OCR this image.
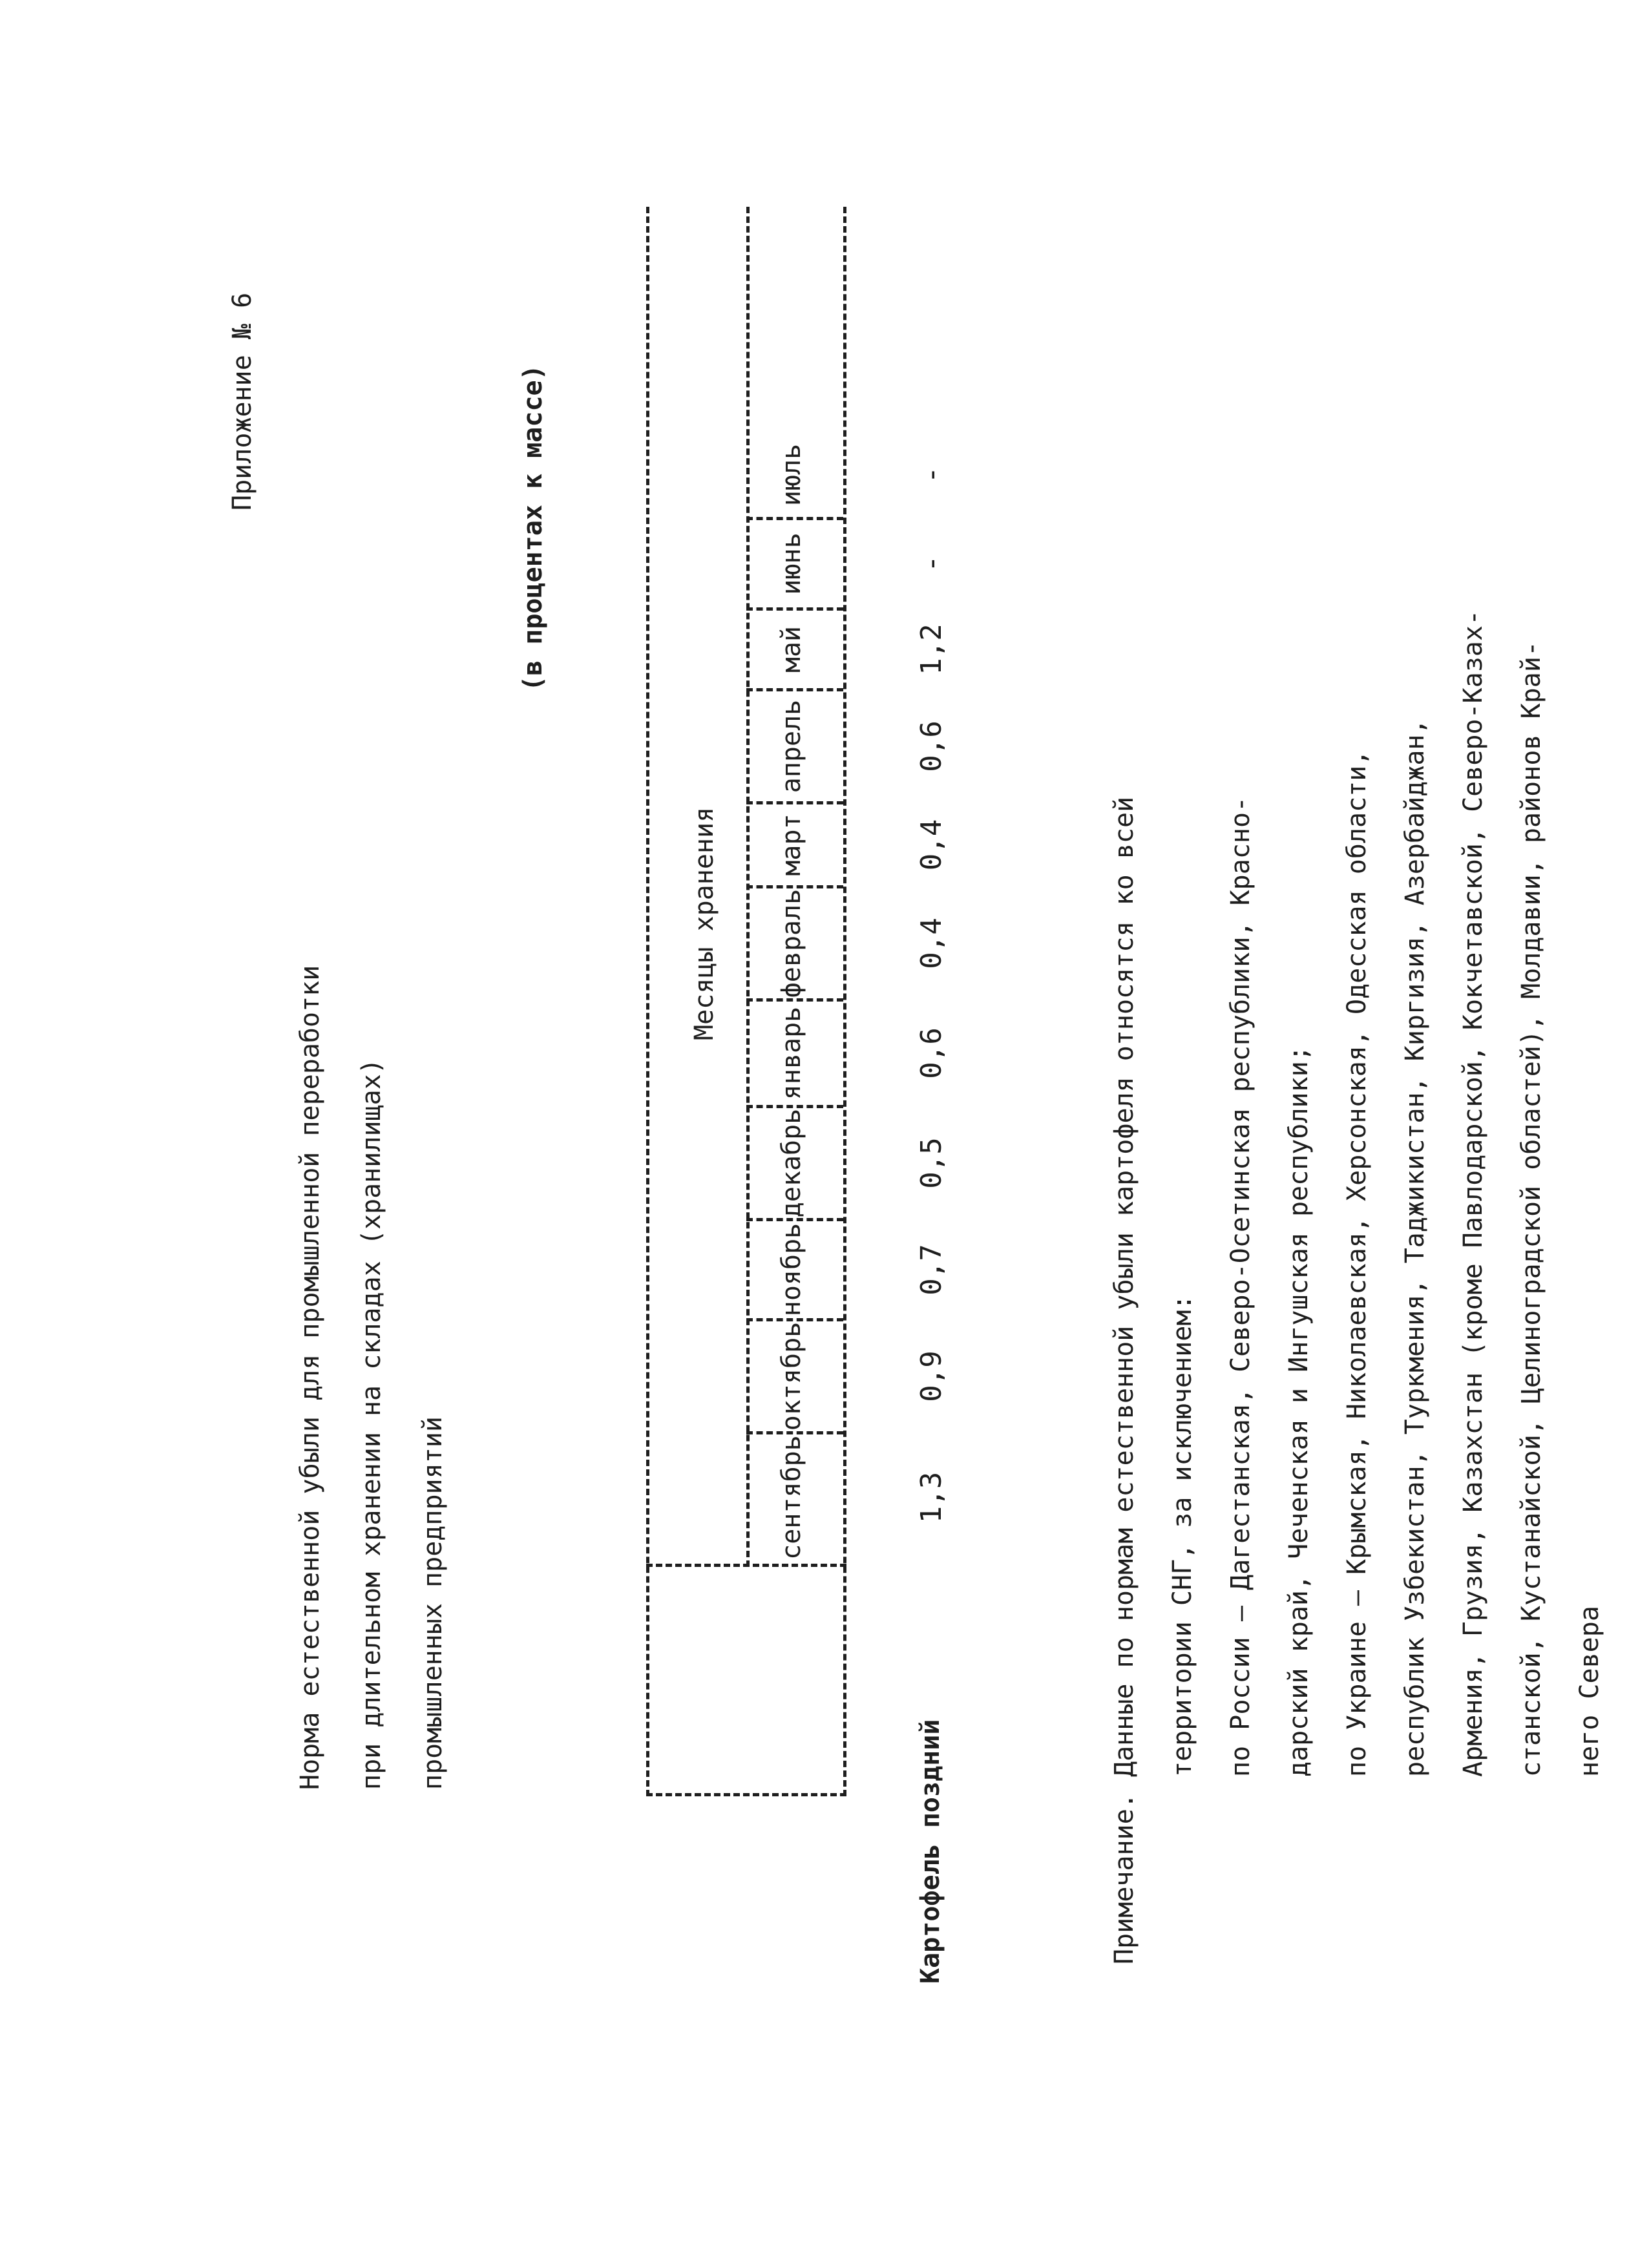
Приложение № 6
Норма естественной убыли для промышленной переработки при длительном хранении на складах (хранилищах) промышленных предприятий
(в процентах к массе)
Месяцы хранения
сентябрь
октябрь
ноябрь
декабрь
январь
февраль
март
апрель
май
июнь
июль
Картофель поздний
1,3
0,9
0,7
0,5
0,6
0,4
0,4
0,6
1,2
-
-
Примечание.
Данные по нормам естественной убыли картофеля относятся ко всей территории СНГ, за исключением: по России – Дагестанская, Северо-Осетинская республики, Красно- дарский край, Чеченская и Ингушская республики; по Украине – Крымская, Николаевская, Херсонская, Одесская области, республик Узбекистан, Туркмения, Таджикистан, Киргизия, Азербайджан, Армения, Грузия, Казахстан (кроме Павлодарской, Кокчетавской, Северо-Казах- станской, Кустанайской, Целиноградской областей), Молдавии, районов Край- него Севера
